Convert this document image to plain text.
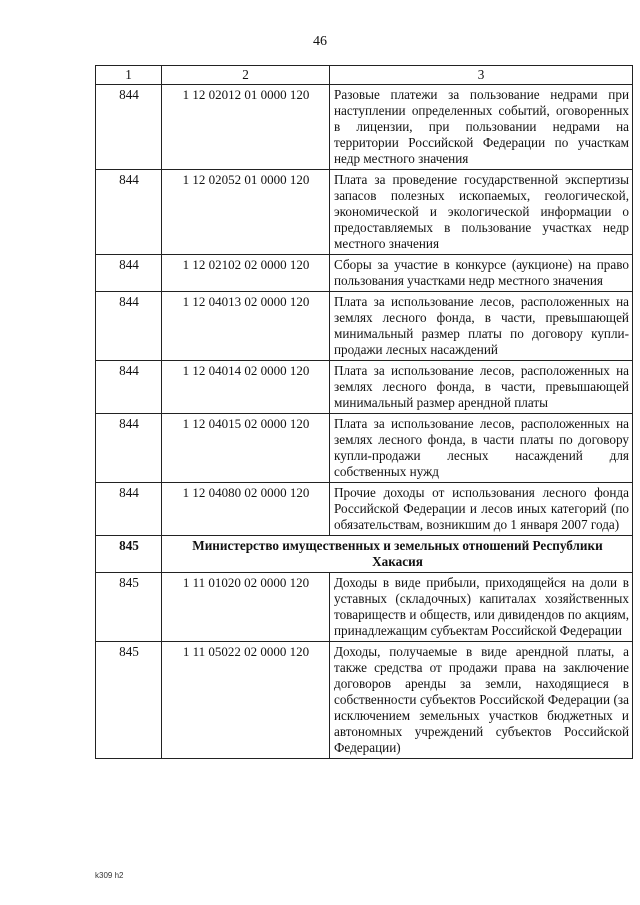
46
1	2	3
844	1 12 02012 01 0000 120	Разовые платежи за пользование недрами при наступлении определенных событий, оговоренных в лицензии, при пользовании недрами на территории Российской Федерации по участкам недр местного значения
844	1 12 02052 01 0000 120	Плата за проведение государственной экспертизы запасов полезных ископаемых, геологической, экономической и экологической информации о предоставляемых в пользование участках недр местного значения
844	1 12 02102 02 0000 120	Сборы за участие в конкурсе (аукционе) на право пользования участками недр местного значения
844	1 12 04013 02 0000 120	Плата за использование лесов, расположенных на землях лесного фонда, в части, превышающей минимальный размер платы по договору купли-продажи лесных насаждений
844	1 12 04014 02 0000 120	Плата за использование лесов, расположенных на землях лесного фонда, в части, превышающей минимальный размер арендной платы
844	1 12 04015 02 0000 120	Плата за использование лесов, расположенных на землях лесного фонда, в части платы по договору купли-продажи лесных насаждений для собственных нужд
844	1 12 04080 02 0000 120	Прочие доходы от использования лесного фонда Российской Федерации и лесов иных категорий (по обязательствам, возникшим до 1 января 2007 года)
845	Министерство имущественных и земельных отношений Республики Хакасия	
845	1 11 01020 02 0000 120	Доходы в виде прибыли, приходящейся на доли в уставных (складочных) капиталах хозяйственных товариществ и обществ, или дивидендов по акциям, принадлежащим субъектам Российской Федерации
845	1 11 05022 02 0000 120	Доходы, получаемые в виде арендной платы, а также средства от продажи права на заключение договоров аренды за земли, находящиеся в собственности субъектов Российской Федерации (за исключением земельных участков бюджетных и автономных учреждений субъектов Российской Федерации)
k309 h2
